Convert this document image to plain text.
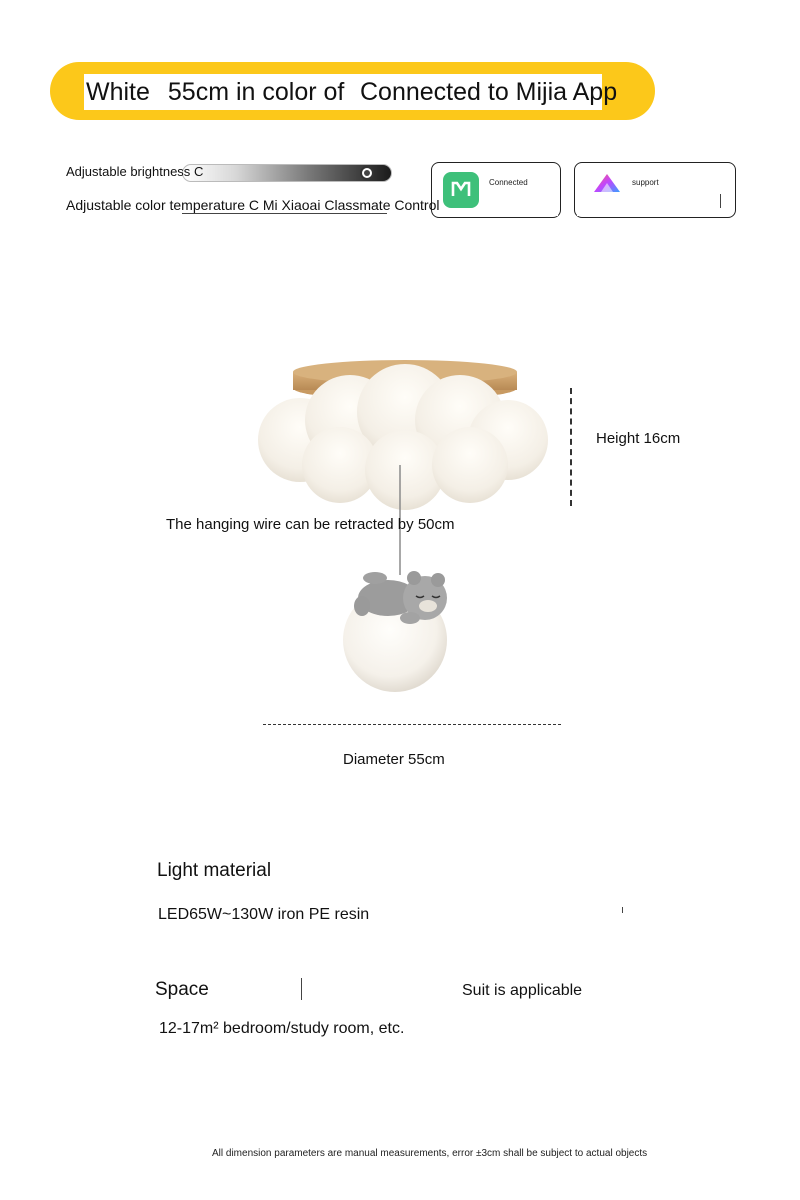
White 55cm in color of Connected to Mijia App
Adjustable brightness C
Connected	support
Adjustable color temperature C Mi Xiaoai Classmate Control
Height 16cm
The hanging wire can be retracted by 50cm
Diameter 55cm
Light material
LED65W~130W iron PE resin
Space	Suit is applicable
12-17m² bedroom/study room, etc.
All dimension parameters are manual measurements, error ±3cm shall be subject to actual objects
